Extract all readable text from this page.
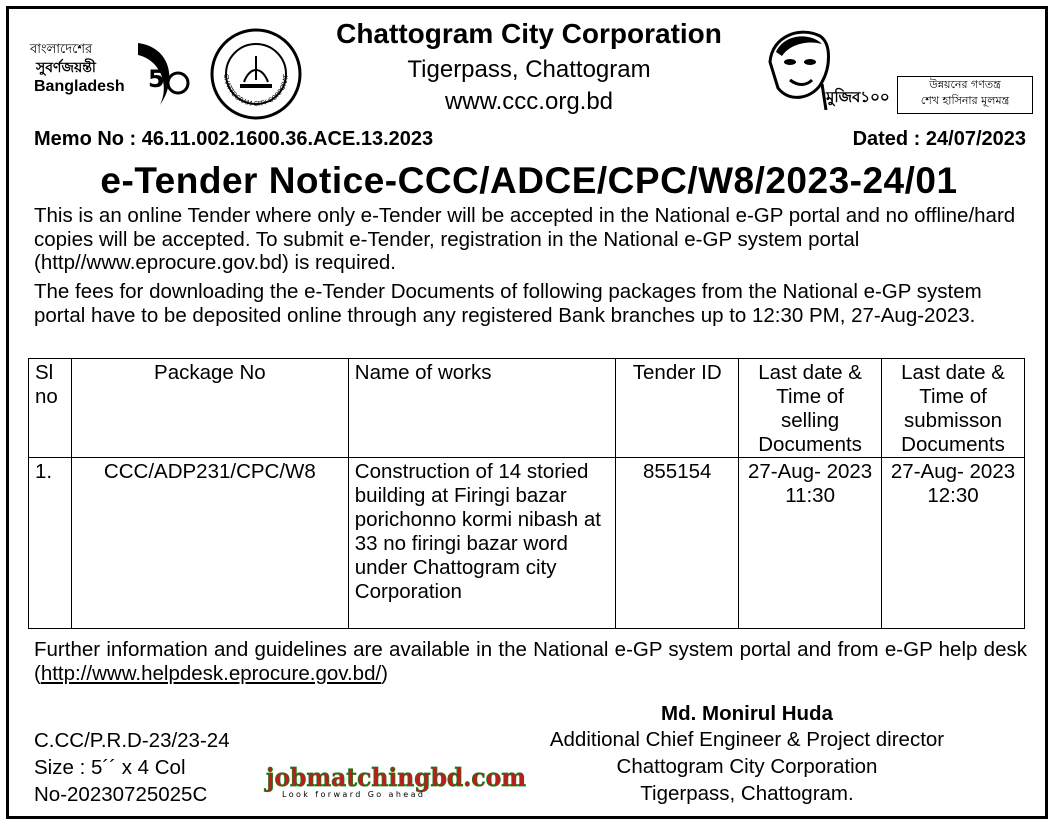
5
বাংলাদেশের
সুবর্ণজয়ন্তী
Bangladesh
CHATTOGRAM CITY CORPORAT
Chattogram City Corporation
Tigerpass, Chattogram
www.ccc.org.bd	মুজিব১০০
উন্নয়নের গণতন্ত্র
শেখ হাসিনার মূলমন্ত্র
Memo No : 46.11.002.1600.36.ACE.13.2023	Dated : 24/07/2023
e-Tender Notice-CCC/ADCE/CPC/W8/2023-24/01
This is an online Tender where only e-Tender will be accepted in the National e-GP portal and no offline/hard copies will be accepted. To submit e-Tender, registration in the National e-GP system portal (http//www.eprocure.gov.bd) is required.
The fees for downloading the e-Tender Documents of following packages from the National e-GP system portal have to be deposited online through any registered Bank branches up to 12:30 PM, 27-Aug-2023.
Sl no	Package No	Name of works	Tender ID	Last date & Time of selling Documents	Last date & Time of submisson Documents
1.	CCC/ADP231/CPC/W8	Construction of 14 storied building at Firingi bazar porichonno kormi nibash at 33 no firingi bazar word under Chattogram city Corporation	855154	27-Aug- 2023 11:30	27-Aug- 2023 12:30
Further information and guidelines are available in the National e-GP system portal and from e-GP help desk (http://www.helpdesk.eprocure.gov.bd/)
Md. Monirul Huda
Additional Chief Engineer & Project director
Chattogram City Corporation
Tigerpass, Chattogram.
C.CC/P.R.D-23/23-24
Size : 5´´ x 4 Col
No-20230725025C
jobmatchingbd.com
Look forward Go ahead
